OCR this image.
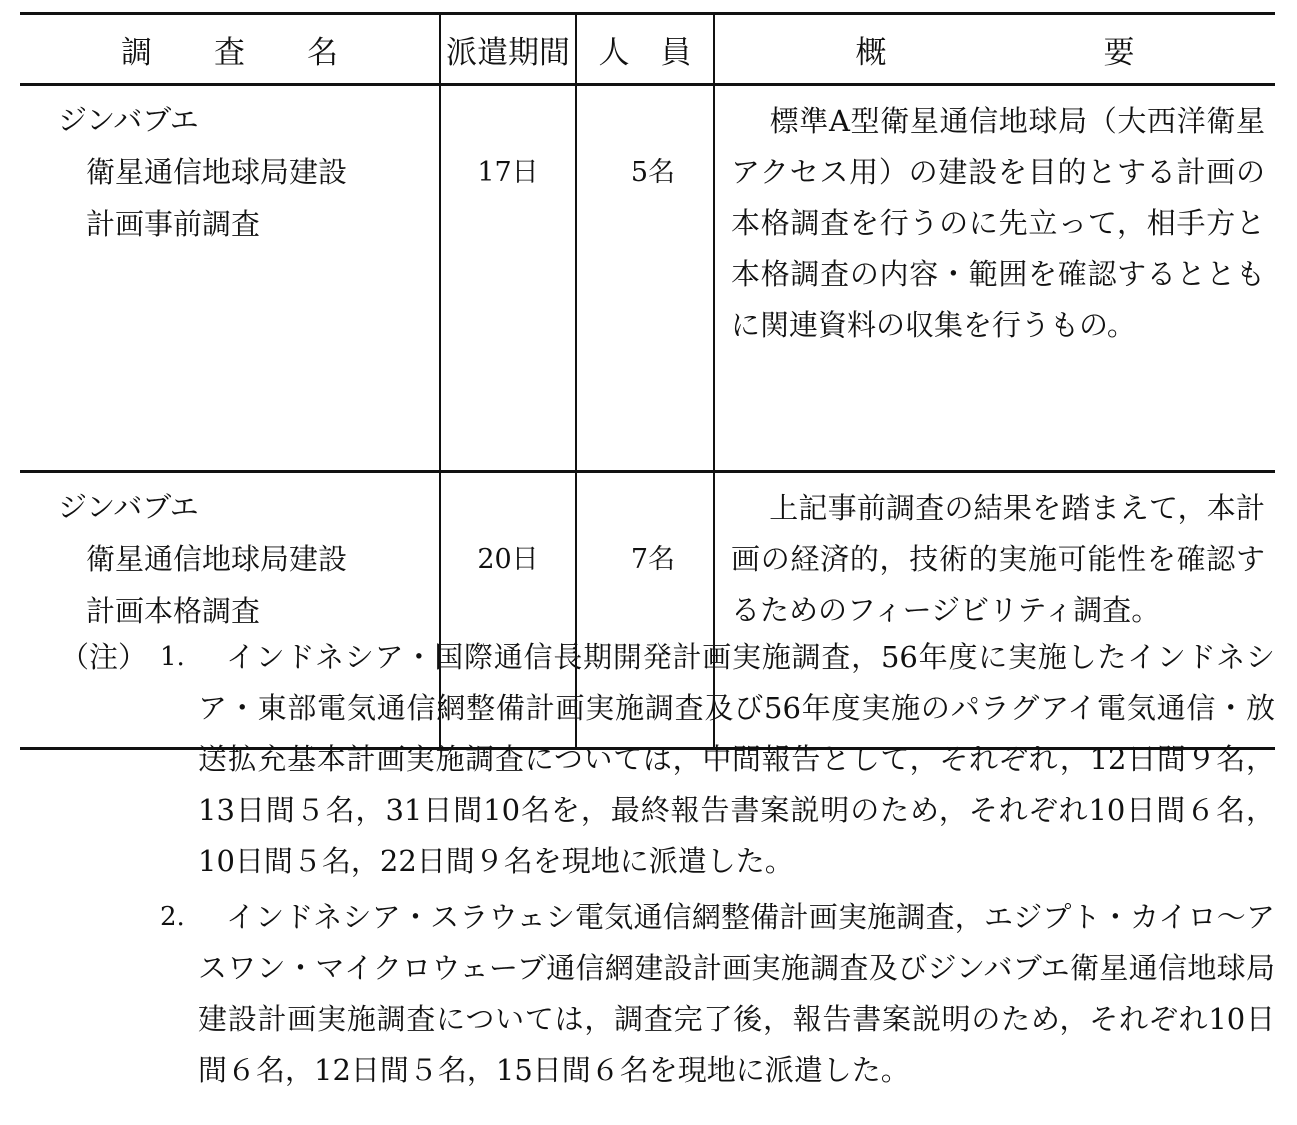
調　　査　　名	派遣期間	人　員	概　　　　　　　要

ジンバブエ
衛星通信地球局建設
計画事前調査	17日	5名	標準A型衛星通信地球局（大西洋衛星アクセス用）の建設を目的とする計画の本格調査を行うのに先立って，相手方と本格調査の内容・範囲を確認するとともに関連資料の収集を行うもの。

ジンバブエ
衛星通信地球局建設
計画本格調査	20日	7名	上記事前調査の結果を踏まえて，本計画の経済的，技術的実施可能性を確認するためのフィージビリティ調査。
（注） 1.	インドネシア・国際通信長期開発計画実施調査，56年度に実施したインドネシア・東部電気通信網整備計画実施調査及び56年度実施のパラグアイ電気通信・放送拡充基本計画実施調査については，中間報告として，それぞれ，12日間９名，13日間５名，31日間10名を，最終報告書案説明のため，それぞれ10日間６名，10日間５名，22日間９名を現地に派遣した。
2.	インドネシア・スラウェシ電気通信網整備計画実施調査，エジプト・カイロ～アスワン・マイクロウェーブ通信網建設計画実施調査及びジンバブエ衛星通信地球局建設計画実施調査については，調査完了後，報告書案説明のため，それぞれ10日間６名，12日間５名，15日間６名を現地に派遣した。
